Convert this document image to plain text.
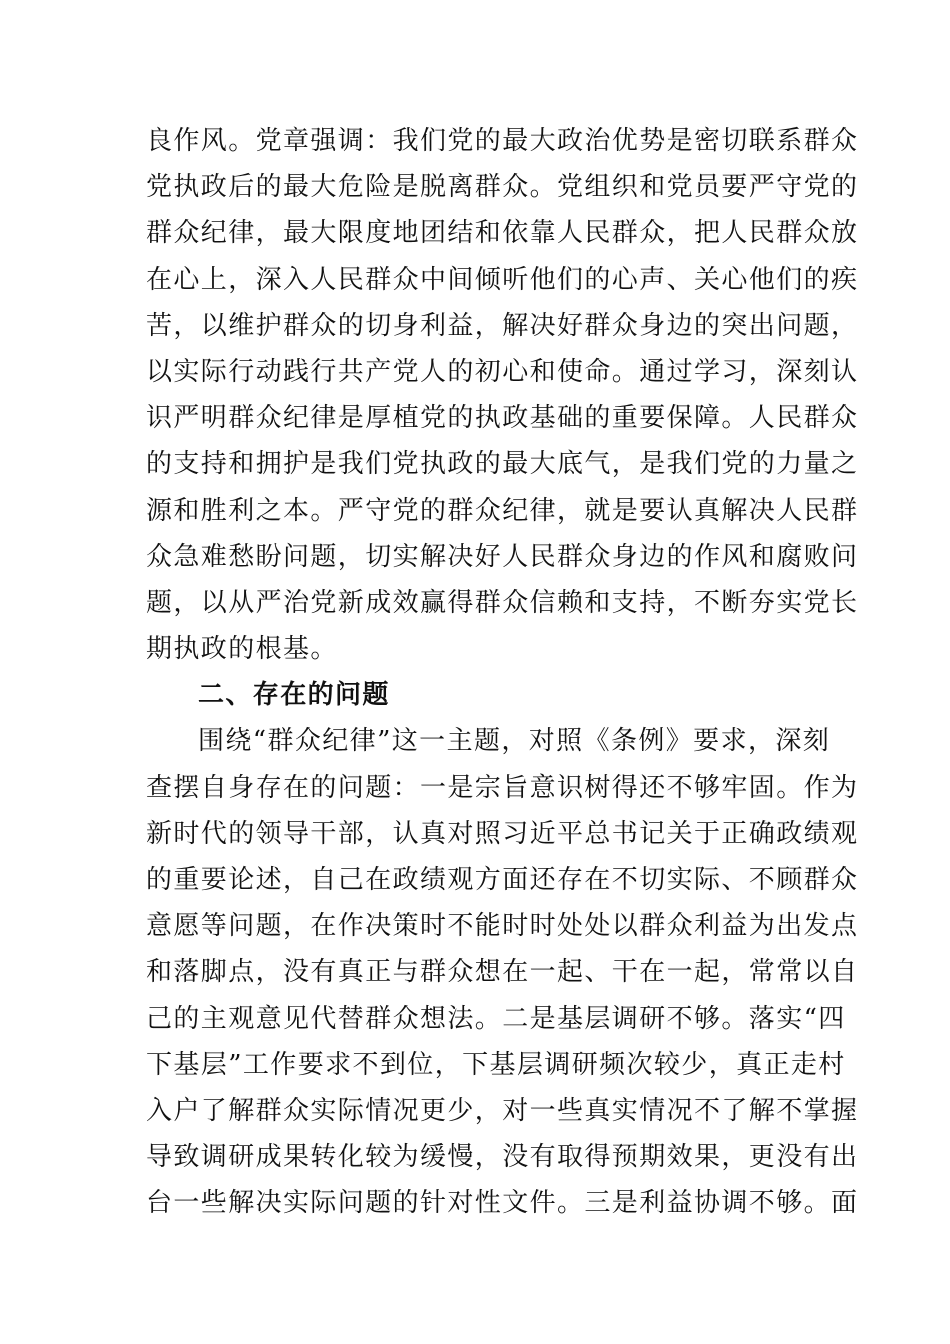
良作风。党章强调：我们党的最大政治优势是密切联系群众
党执政后的最大危险是脱离群众。党组织和党员要严守党的
群众纪律，最大限度地团结和依靠人民群众，把人民群众放
在心上，深入人民群众中间倾听他们的心声、关心他们的疾
苦，以维护群众的切身利益，解决好群众身边的突出问题，
以实际行动践行共产党人的初心和使命。通过学习，深刻认
识严明群众纪律是厚植党的执政基础的重要保障。人民群众
的支持和拥护是我们党执政的最大底气，是我们党的力量之
源和胜利之本。严守党的群众纪律，就是要认真解决人民群
众急难愁盼问题，切实解决好人民群众身边的作风和腐败问
题，以从严治党新成效赢得群众信赖和支持，不断夯实党长
期执政的根基。
二、存在的问题
围绕“群众纪律”这一主题，对照《条例》要求，深刻
查摆自身存在的问题：一是宗旨意识树得还不够牢固。作为
新时代的领导干部，认真对照习近平总书记关于正确政绩观
的重要论述，自己在政绩观方面还存在不切实际、不顾群众
意愿等问题，在作决策时不能时时处处以群众利益为出发点
和落脚点，没有真正与群众想在一起、干在一起，常常以自
己的主观意见代替群众想法。二是基层调研不够。落实“四
下基层”工作要求不到位，下基层调研频次较少，真正走村
入户了解群众实际情况更少，对一些真实情况不了解不掌握
导致调研成果转化较为缓慢，没有取得预期效果，更没有出
台一些解决实际问题的针对性文件。三是利益协调不够。面
